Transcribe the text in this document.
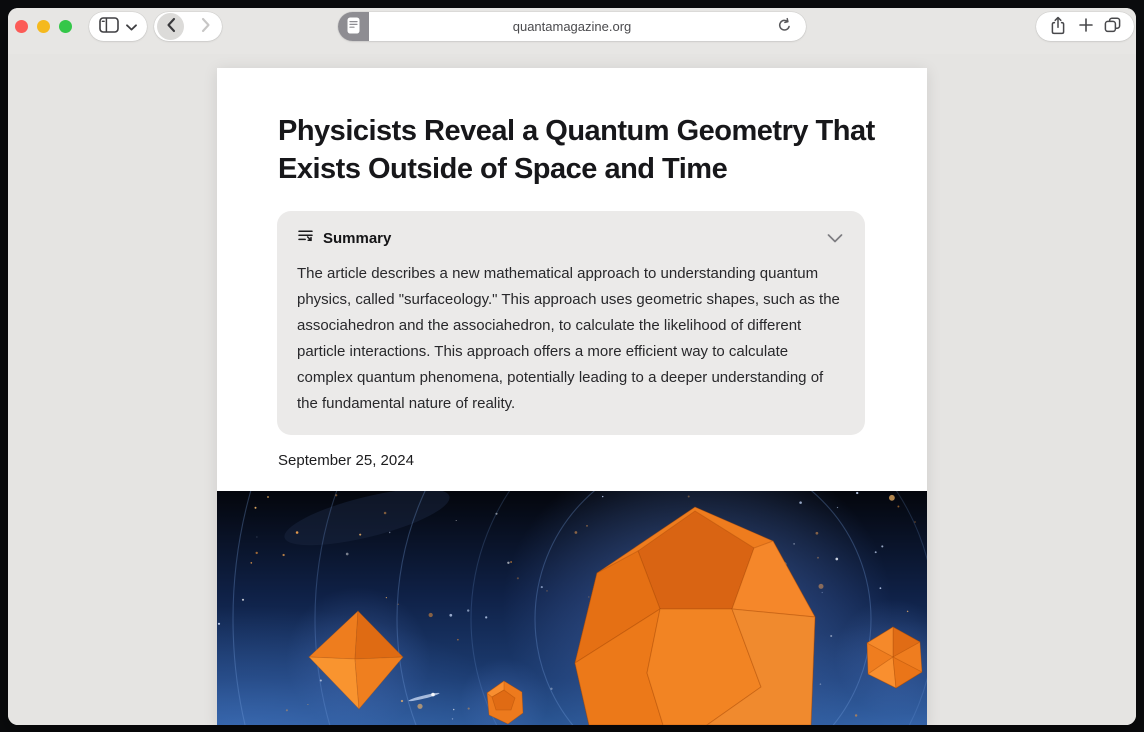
quantamagazine.org
Physicists Reveal a Quantum Geometry That Exists Outside of Space and Time
Summary

The article describes a new mathematical approach to understanding quantum physics, called "surfaceology." This approach uses geometric shapes, such as the associahedron and the associahedron, to calculate the likelihood of different particle interactions. This approach offers a more efficient way to calculate complex quantum phenomena, potentially leading to a deeper understanding of the fundamental nature of reality.

September 25, 2024
